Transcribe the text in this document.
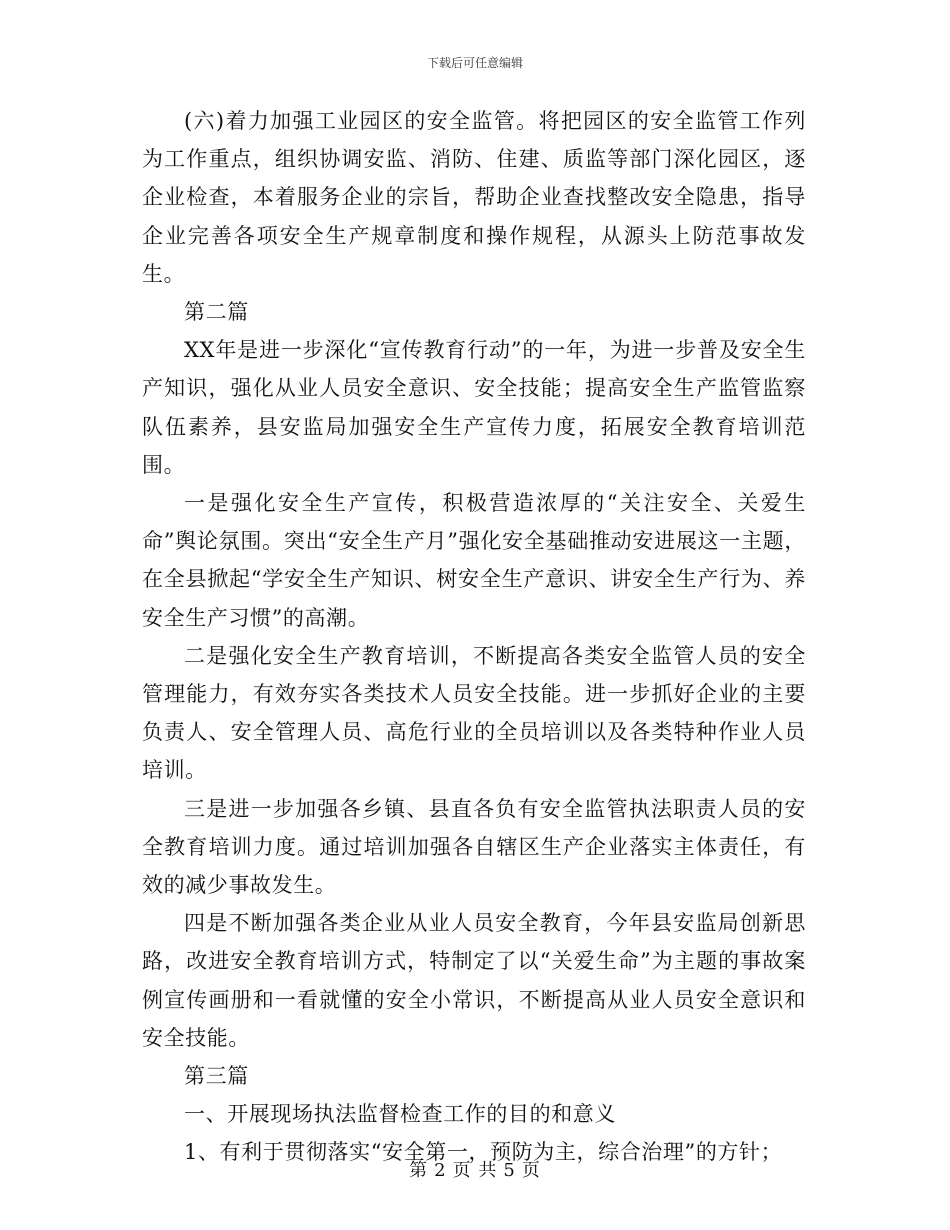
下载后可任意编辑

(六)着力加强工业园区的安全监管。将把园区的安全监管工作列为工作重点，组织协调安监、消防、住建、质监等部门深化园区，逐企业检查，本着服务企业的宗旨，帮助企业查找整改安全隐患，指导企业完善各项安全生产规章制度和操作规程，从源头上防范事故发生。

第二篇

XX年是进一步深化“宣传教育行动”的一年，为进一步普及安全生产知识，强化从业人员安全意识、安全技能；提高安全生产监管监察队伍素养，县安监局加强安全生产宣传力度，拓展安全教育培训范围。

一是强化安全生产宣传，积极营造浓厚的“关注安全、关爱生命”舆论氛围。突出“安全生产月”强化安全基础推动安进展这一主题，在全县掀起“学安全生产知识、树安全生产意识、讲安全生产行为、养安全生产习惯”的高潮。

二是强化安全生产教育培训，不断提高各类安全监管人员的安全管理能力，有效夯实各类技术人员安全技能。进一步抓好企业的主要负责人、安全管理人员、高危行业的全员培训以及各类特种作业人员培训。

三是进一步加强各乡镇、县直各负有安全监管执法职责人员的安全教育培训力度。通过培训加强各自辖区生产企业落实主体责任，有效的减少事故发生。

四是不断加强各类企业从业人员安全教育，今年县安监局创新思路，改进安全教育培训方式，特制定了以“关爱生命”为主题的事故案例宣传画册和一看就懂的安全小常识，不断提高从业人员安全意识和安全技能。

第三篇

一、开展现场执法监督检查工作的目的和意义

1、有利于贯彻落实“安全第一，预防为主，综合治理”的方针；

第 2 页 共 5 页
